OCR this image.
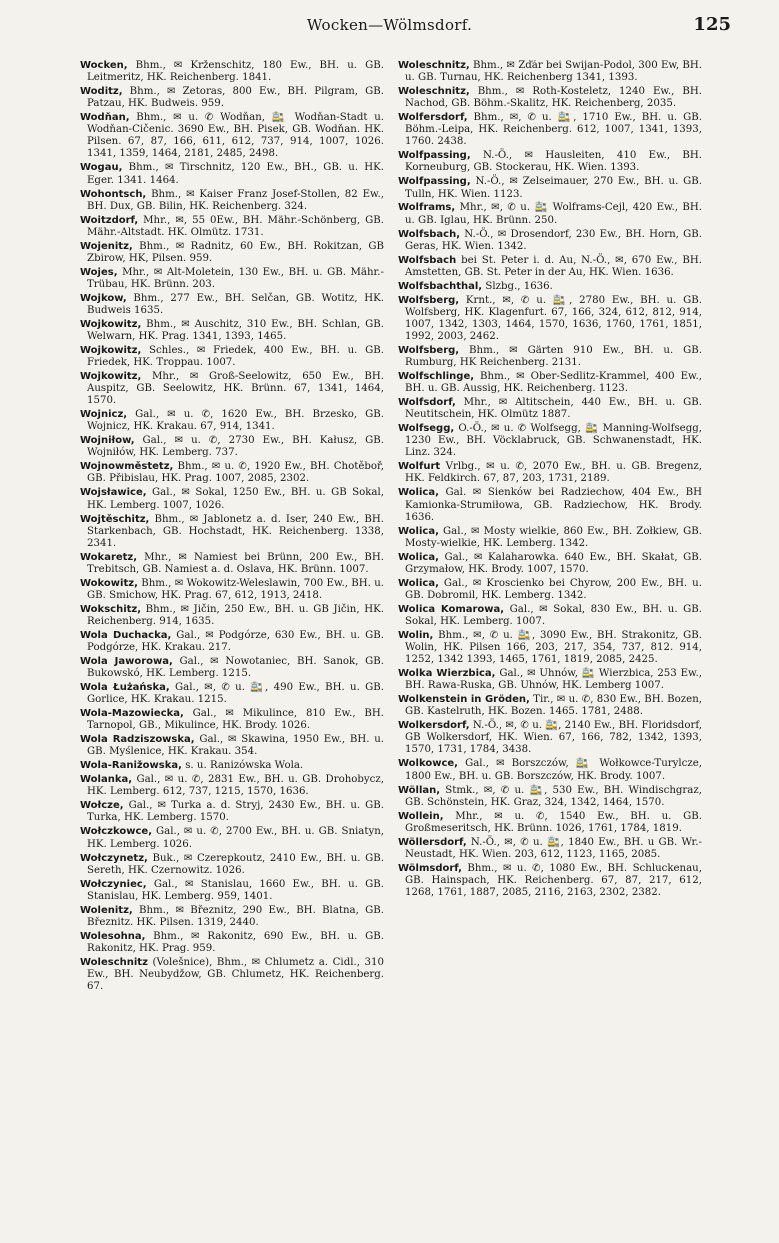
Wocken—Wölmsdorf.	125

Wocken, Bhm., ✉ Krženschitz, 180 Ew., BH. u. GB. Leitmeritz, HK. Reichenberg. 1841.

Woditz, Bhm., ✉ Zetoras, 800 Ew., BH. Pilgram, GB. Patzau, HK. Budweis. 959.

Wodňan, Bhm., ✉ u. ✆ Wodňan, 🚉 Wodňan-Stadt u. Wodňan-Cičenic. 3690 Ew., BH. Pisek, GB. Wodňan. HK. Pilsen. 67, 87, 166, 611, 612, 737, 914, 1007, 1026. 1341, 1359, 1464, 2181, 2485, 2498.

Wogau, Bhm., ✉ Tirschnitz, 120 Ew., BH., GB. u. HK. Eger. 1341. 1464.

Wohontsch, Bhm., ✉ Kaiser Franz Josef-Stollen, 82 Ew., BH. Dux, GB. Bilin, HK. Reichenberg. 324.

Woitzdorf, Mhr., ✉, 55 0Ew., BH. Mähr.-Schönberg, GB. Mähr.-Altstadt. HK. Olmütz. 1731.

Wojenitz, Bhm., ✉ Radnitz, 60 Ew., BH. Rokitzan, GB Zbirow, HK, Pilsen. 959.

Wojes, Mhr., ✉ Alt-Moletein, 130 Ew., BH. u. GB. Mähr.-Trübau, HK. Brünn. 203.

Wojkow, Bhm., 277 Ew., BH. Selčan, GB. Wotitz, HK. Budweis 1635.

Wojkowitz, Bhm., ✉ Auschitz, 310 Ew., BH. Schlan, GB. Welwarn, HK. Prag. 1341, 1393, 1465.

Wojkowitz, Schles., ✉ Friedek, 400 Ew., BH. u. GB. Friedek, HK. Troppau. 1007.

Wojkowitz, Mhr., ✉ Groß-Seelowitz, 650 Ew., BH. Auspitz, GB. Seelowitz, HK. Brünn. 67, 1341, 1464, 1570.

Wojnicz, Gal., ✉ u. ✆, 1620 Ew., BH. Brzesko, GB. Wojnicz, HK. Krakau. 67, 914, 1341.

Wojniłow, Gal., ✉ u. ✆, 2730 Ew., BH. Kałusz, GB. Wojniłów, HK. Lemberg. 737.

Wojnowměstetz, Bhm., ✉ u. ✆, 1920 Ew., BH. Chotěboř, GB. Přibislau, HK. Prag. 1007, 2085, 2302.

Wojsławice, Gal., ✉ Sokal, 1250 Ew., BH. u. GB Sokal, HK. Lemberg. 1007, 1026.

Wojtěschitz, Bhm., ✉ Jablonetz a. d. Iser, 240 Ew., BH. Starkenbach, GB. Hochstadt, HK. Reichenberg. 1338, 2341.

Wokaretz, Mhr., ✉ Namiest bei Brünn, 200 Ew., BH. Trebitsch, GB. Namiest a. d. Oslava, HK. Brünn. 1007.

Wokowitz, Bhm., ✉ Wokowitz-Weleslawin, 700 Ew., BH. u. GB. Smichow, HK. Prag. 67, 612, 1913, 2418.

Wokschitz, Bhm., ✉ Jičin, 250 Ew., BH. u. GB Jičin, HK. Reichenberg. 914, 1635.

Wola Duchacka, Gal., ✉ Podgórze, 630 Ew., BH. u. GB. Podgórze, HK. Krakau. 217.

Wola Jaworowa, Gal., ✉ Nowotaniec, BH. Sanok, GB. Bukowskó, HK. Lemberg. 1215.

Wola Łużańska, Gal., ✉, ✆ u. 🚉, 490 Ew., BH. u. GB. Gorlice, HK. Krakau. 1215.

Wola-Mazowiecka, Gal., ✉ Mikulince, 810 Ew., BH. Tarnopol, GB., Mikulince, HK. Brody. 1026.

Wola Radziszowska, Gal., ✉ Skawina, 1950 Ew., BH. u. GB. Myślenice, HK. Krakau. 354.

Wola-Ranižowska, s. u. Ranizówska Wola.

Wolanka, Gal., ✉ u. ✆, 2831 Ew., BH. u. GB. Drohobycz, HK. Lemberg. 612, 737, 1215, 1570, 1636.

Wołcze, Gal., ✉ Turka a. d. Stryj, 2430 Ew., BH. u. GB. Turka, HK. Lemberg. 1570.

Wołczkowce, Gal., ✉ u. ✆, 2700 Ew., BH. u. GB. Sniatyn, HK. Lemberg. 1026.

Wołczynetz, Buk., ✉ Czerepkoutz, 2410 Ew., BH. u. GB. Sereth, HK. Czernowitz. 1026.

Wołczyniec, Gal., ✉ Stanislau, 1660 Ew., BH. u. GB. Stanislau, HK. Lemberg. 959, 1401.

Wolenitz, Bhm., ✉ Březnitz, 290 Ew., BH. Blatna, GB. Březnitz. HK. Pilsen. 1319, 2440.

Wolesohna, Bhm., ✉ Rakonitz, 690 Ew., BH. u. GB. Rakonitz, HK. Prag. 959.

Woleschnitz (Volešnice), Bhm., ✉ Chlumetz a. Cidl., 310 Ew., BH. Neubydžow, GB. Chlumetz, HK. Reichenberg. 67.

Woleschnitz, Bhm., ✉ Žďár bei Swijan-Podol, 300 Ew, BH. u. GB. Turnau, HK. Reichenberg 1341, 1393.

Woleschnitz, Bhm., ✉ Roth-Kosteletz, 1240 Ew., BH. Nachod, GB. Böhm.-Skalitz, HK. Reichenberg, 2035.

Wolfersdorf, Bhm., ✉, ✆ u. 🚉, 1710 Ew., BH. u. GB. Böhm.-Leipa, HK. Reichenberg. 612, 1007, 1341, 1393, 1760. 2438.

Wolfpassing, N.-Ö., ✉ Hausleiten, 410 Ew., BH. Korneuburg, GB. Stockerau, HK. Wien. 1393.

Wolfpassing, N.-Ö., ✉ Zelseimauer, 270 Ew., BH. u. GB. Tulln, HK. Wien. 1123.

Wolframs, Mhr., ✉, ✆ u. 🚉 Wolframs-Cejl, 420 Ew., BH. u. GB. Iglau, HK. Brünn. 250.

Wolfsbach, N.-Ö., ✉ Drosendorf, 230 Ew., BH. Horn, GB. Geras, HK. Wien. 1342.

Wolfsbach bei St. Peter i. d. Au, N.-Ö., ✉, 670 Ew., BH. Amstetten, GB. St. Peter in der Au, HK. Wien. 1636.

Wolfsbachthal, Slzbg., 1636.

Wolfsberg, Krnt., ✉, ✆ u. 🚉, 2780 Ew., BH. u. GB. Wolfsberg, HK. Klagenfurt. 67, 166, 324, 612, 812, 914, 1007, 1342, 1303, 1464, 1570, 1636, 1760, 1761, 1851, 1992, 2003, 2462.

Wolfsberg, Bhm., ✉ Gärten 910 Ew., BH. u. GB. Rumburg, HK Reichenberg. 2131.

Wolfschlinge, Bhm., ✉ Ober-Sedlitz-Krammel, 400 Ew., BH. u. GB. Aussig, HK. Reichenberg. 1123.

Wolfsdorf, Mhr., ✉ Altitschein, 440 Ew., BH. u. GB. Neutitschein, HK. Olmütz 1887.

Wolfsegg, O.-Ö., ✉ u. ✆ Wolfsegg, 🚉 Manning-Wolfsegg, 1230 Ew., BH. Vöcklabruck, GB. Schwanenstadt, HK. Linz. 324.

Wolfurt Vrlbg., ✉ u. ✆, 2070 Ew., BH. u. GB. Bregenz, HK. Feldkirch. 67, 87, 203, 1731, 2189.

Wolica, Gal. ✉ Sienków bei Radziechow, 404 Ew., BH Kamionka-Strumiłowa, GB. Radziechow, HK. Brody. 1636.

Wolica, Gal., ✉ Mosty wielkie, 860 Ew., BH. Zołkiew, GB. Mosty-wielkie, HK. Lemberg. 1342.

Wolica, Gal., ✉ Kalaharowka. 640 Ew., BH. Skałat, GB. Grzymałow, HK. Brody. 1007, 1570.

Wolica, Gal., ✉ Kroscienko bei Chyrow, 200 Ew., BH. u. GB. Dobromil, HK. Lemberg. 1342.

Wolica Komarowa, Gal., ✉ Sokal, 830 Ew., BH. u. GB. Sokal, HK. Lemberg. 1007.

Wolin, Bhm., ✉, ✆ u. 🚉, 3090 Ew., BH. Strakonitz, GB. Wolin, HK. Pilsen 166, 203, 217, 354, 737, 812. 914, 1252, 1342 1393, 1465, 1761, 1819, 2085, 2425.

Wolka Wierzbica, Gal., ✉ Uhnów, 🚉 Wierzbica, 253 Ew., BH. Rawa-Ruska, GB. Uhnów, HK. Lemberg 1007.

Wolkenstein in Gröden, Tir., ✉ u. ✆, 830 Ew., BH. Bozen, GB. Kastelruth, HK. Bozen. 1465. 1781, 2488.

Wolkersdorf, N.-Ö., ✉, ✆ u. 🚉, 2140 Ew., BH. Floridsdorf, GB Wolkersdorf, HK. Wien. 67, 166, 782, 1342, 1393, 1570, 1731, 1784, 3438.

Wolkowce, Gal., ✉ Borszczów, 🚉 Wołkowce-Turylcze, 1800 Ew., BH. u. GB. Borszczów, HK. Brody. 1007.

Wöllan, Stmk., ✉, ✆ u. 🚉, 530 Ew., BH. Windischgraz, GB. Schönstein, HK. Graz, 324, 1342, 1464, 1570.

Wollein, Mhr., ✉ u. ✆, 1540 Ew., BH. u. GB. Großmeseritsch, HK. Brünn. 1026, 1761, 1784, 1819.

Wöllersdorf, N.-Ö., ✉, ✆ u. 🚉, 1840 Ew., BH. u GB. Wr.-Neustadt, HK. Wien. 203, 612, 1123, 1165, 2085.

Wölmsdorf, Bhm., ✉ u. ✆, 1080 Ew., BH. Schluckenau, GB. Hainspach, HK. Reichenberg. 67, 87, 217, 612, 1268, 1761, 1887, 2085, 2116, 2163, 2302, 2382.
